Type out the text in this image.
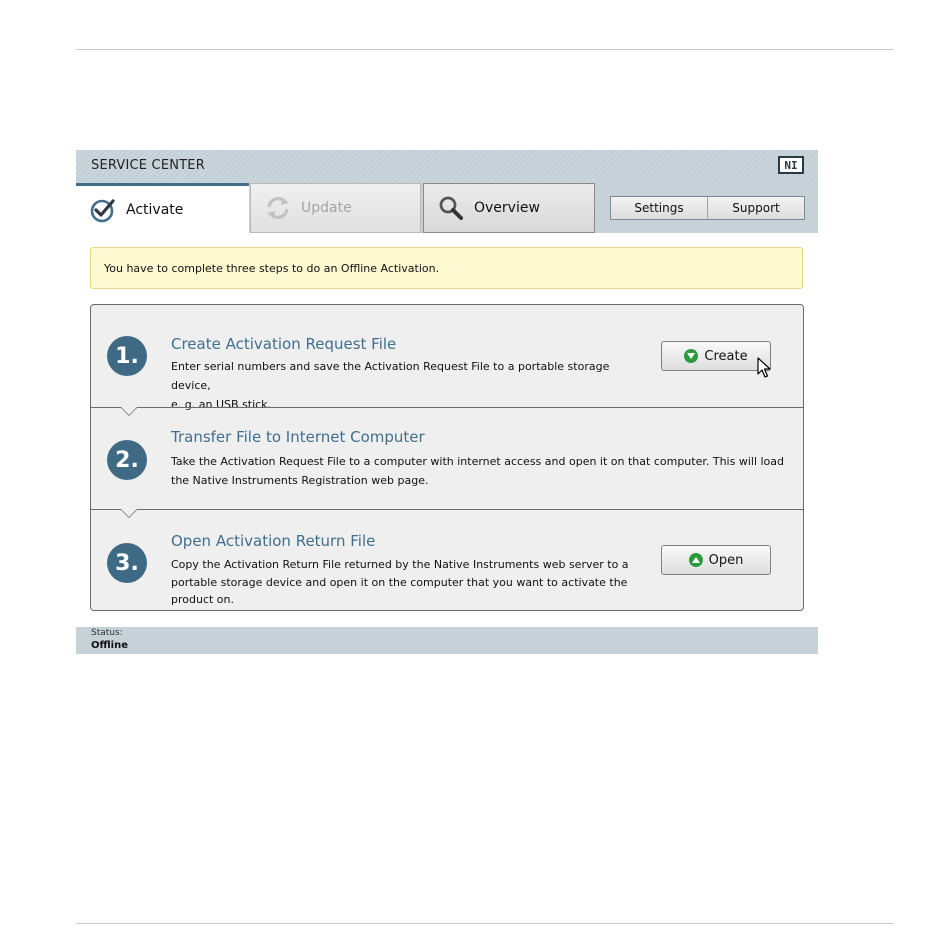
SERVICE CENTER	NI
Activate	Update	Overview	Settings	Support
You have to complete three steps to do an Offline Activation.
1.	Create Activation Request File
Enter serial numbers and save the Activation Request File to a portable storage device,
e. g. an USB stick.
Create
2.
Transfer File to Internet Computer
Take the Activation Request File to a computer with internet access and open it on that computer. This will load
the Native Instruments Registration web page.
3.
Open Activation Return File
Copy the Activation Return File returned by the Native Instruments web server to a
portable storage device and open it on the computer that you want to activate the
product on.
Open
Status:
Offline
